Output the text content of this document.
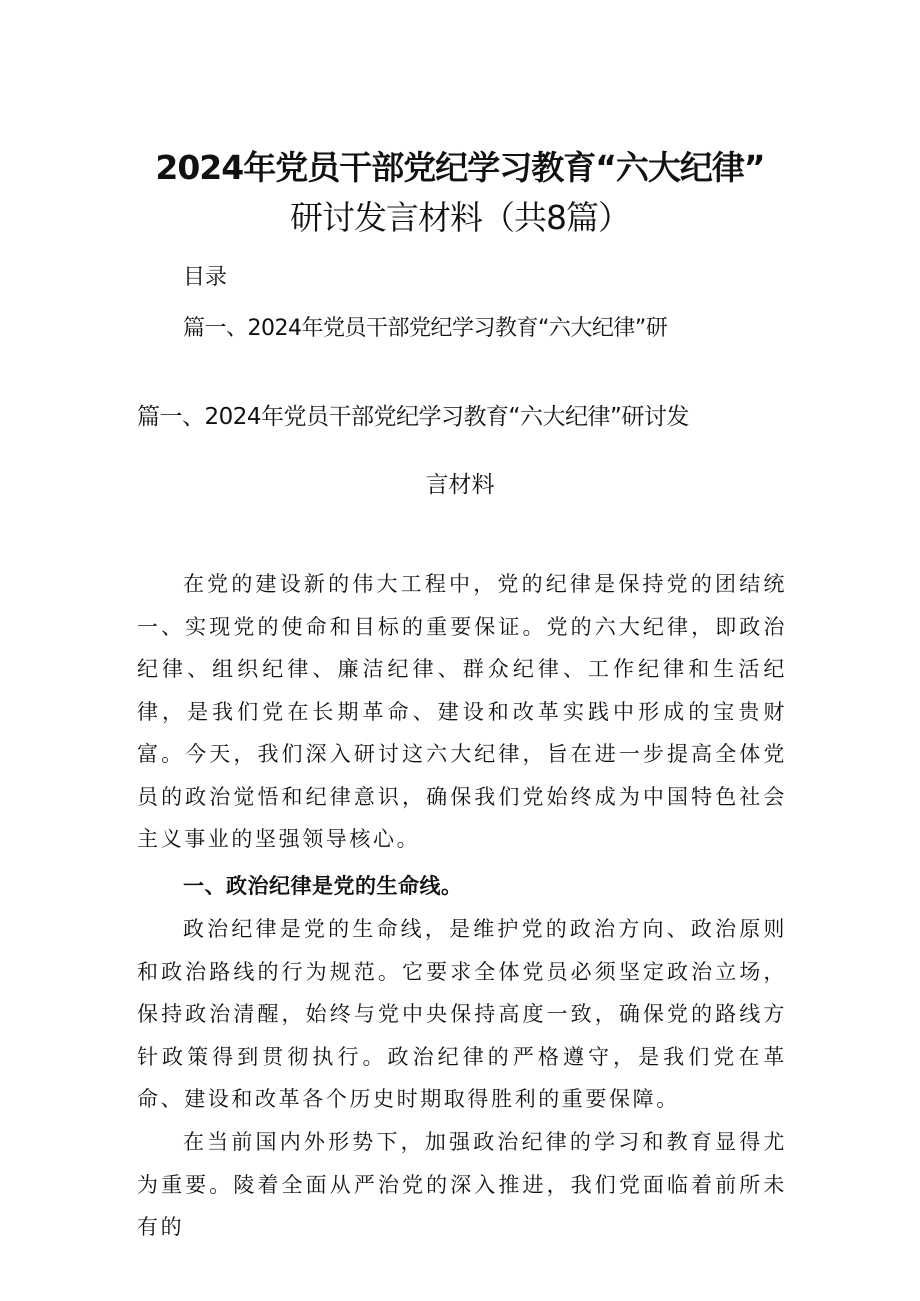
2024年党员干部党纪学习教育“六大纪律”
研讨发言材料（共8篇）
目录
篇一、2024年党员干部党纪学习教育“六大纪律”研
篇一、2024年党员干部党纪学习教育“六大纪律”研讨发
言材料

在党的建设新的伟大工程中，党的纪律是保持党的团结统一、实现党的使命和目标的重要保证。党的六大纪律，即政治纪律、组织纪律、廉洁纪律、群众纪律、工作纪律和生活纪律，是我们党在长期革命、建设和改革实践中形成的宝贵财富。今天，我们深入研讨这六大纪律，旨在进一步提高全体党员的政治觉悟和纪律意识，确保我们党始终成为中国特色社会主义事业的坚强领导核心。

一、政治纪律是党的生命线。

政治纪律是党的生命线，是维护党的政治方向、政治原则和政治路线的行为规范。它要求全体党员必须坚定政治立场，保持政治清醒，始终与党中央保持高度一致，确保党的路线方针政策得到贯彻执行。政治纪律的严格遵守，是我们党在革命、建设和改革各个历史时期取得胜利的重要保障。

在当前国内外形势下，加强政治纪律的学习和教育显得尤为重要。陵着全面从严治党的深入推进，我们党面临着前所未有的
